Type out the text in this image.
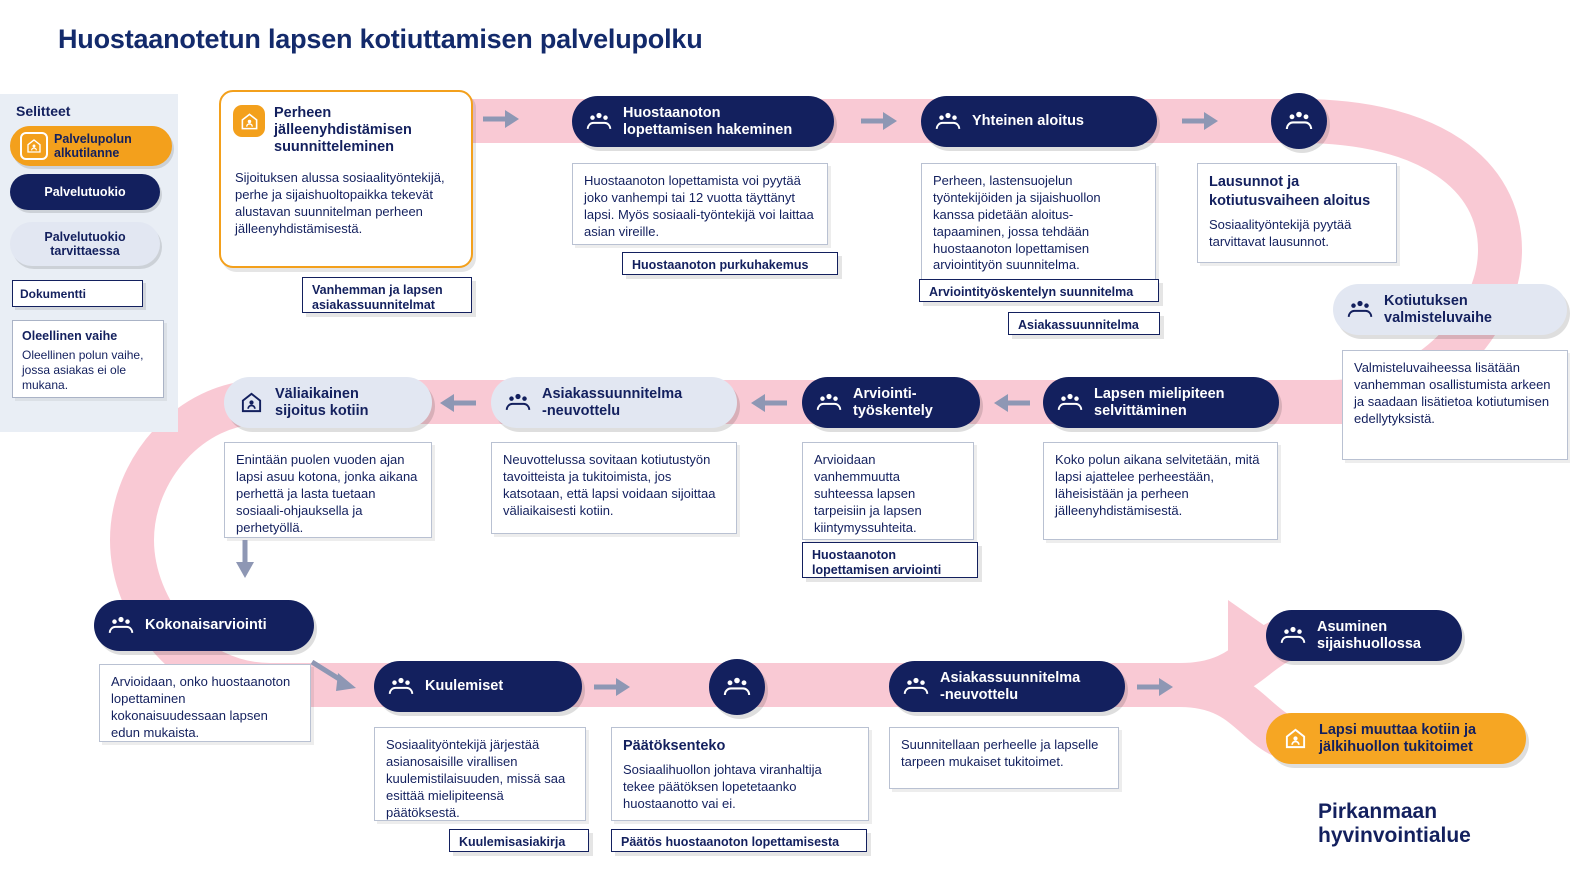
Huostaanotetun lapsen kotiuttamisen palvelupolku
Selitteet
Palvelupolun
alkutilanne
Palvelutuokio
Palvelutuokio
tarvittaessa
Dokumentti
Oleellinen vaihe
Oleellinen polun vaihe, jossa asiakas ei ole mukana.
Perheen
jälleenyhdistämisen
suunnitteleminen
Sijoituksen alussa sosiaalityöntekijä, perhe ja sijaishuoltopaikka tekevät alustavan suunnitelman perheen jälleenyhdistämisestä.
Huostaanoton
lopettamisen hakeminen
Yhteinen aloitus
Huostaanoton lopettamista voi pyytää joko vanhempi tai 12 vuotta täyttänyt lapsi. Myös sosiaali-työntekijä voi laittaa asian vireille.
Perheen, lastensuojelun työntekijöiden ja sijaishuollon kanssa pidetään aloitus-tapaaminen, jossa tehdään huostaanoton lopettamisen arviointityön suunnitelma.
Lausunnot ja
kotiutusvaiheen aloitus
Sosiaalityöntekijä pyytää tarvittavat lausunnot.
Kotiutuksen
valmisteluvaihe
Valmisteluvaiheessa lisätään vanhemman osallistumista arkeen ja saadaan lisätietoa kotiutumisen edellytyksistä.
Vanhemman ja lapsen
asiakassuunnitelmat
Huostaanoton purkuhakemus
Arviointityöskentelyn suunnitelma
Asiakassuunnitelma
Lapsen mielipiteen
selvittäminen
Koko polun aikana selvitetään, mitä lapsi ajattelee perheestään, läheisistään ja perheen jälleenyhdistämisestä.
Arviointi-
työskentely
Arvioidaan vanhemmuutta suhteessa lapsen tarpeisiin ja lapsen kiintymyssuhteita.
Huostaanoton
lopettamisen arviointi
Asiakassuunnitelma
-neuvottelu
Neuvottelussa sovitaan kotiutustyön tavoitteista ja tukitoimista, jos katsotaan, että lapsi voidaan sijoittaa väliaikaisesti kotiin.
Väliaikainen
sijoitus kotiin
Enintään puolen vuoden ajan lapsi asuu kotona, jonka aikana perhettä ja lasta tuetaan sosiaali-ohjauksella ja perhetyöllä.
Kokonaisarviointi
Arvioidaan, onko huostaanoton lopettaminen kokonaisuudessaan lapsen edun mukaista.
Kuulemiset
Sosiaalityöntekijä järjestää asianosaisille virallisen kuulemistilaisuuden, missä saa esittää mielipiteensä päätöksestä.
Kuulemisasiakirja
Päätöksenteko
Sosiaalihuollon johtava viranhaltija tekee päätöksen lopetetaanko huostaanotto vai ei.
Päätös huostaanoton lopettamisesta
Asiakassuunnitelma
-neuvottelu
Suunnitellaan perheelle ja lapselle tarpeen mukaiset tukitoimet.
Asuminen
sijaishuollossa
Lapsi muuttaa kotiin ja
jälkihuollon tukitoimet
Pirkanmaan
hyvinvointialue
